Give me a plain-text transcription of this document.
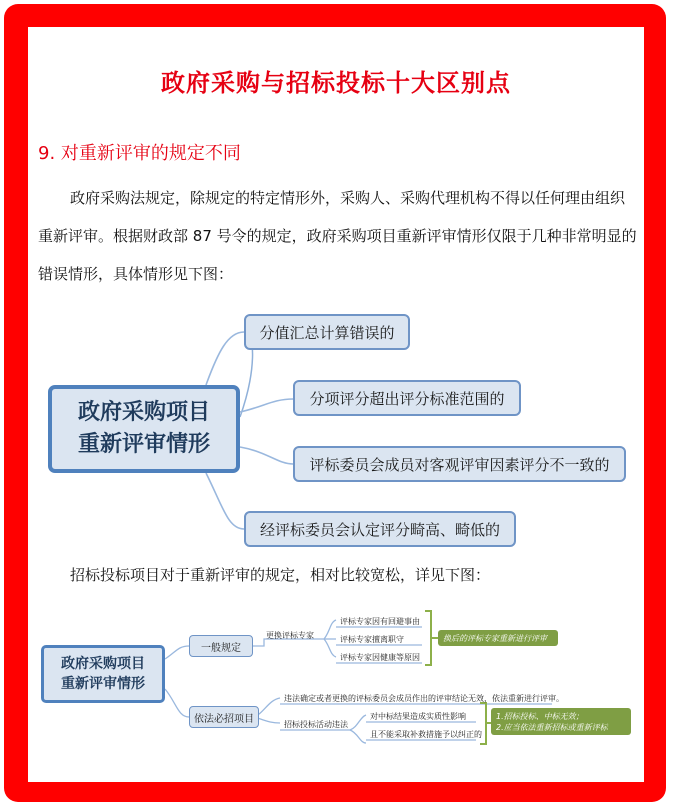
政府采购与招标投标十大区别点
9. 对重新评审的规定不同
政府采购法规定，除规定的特定情形外，采购人、采购代理机构不得以任何理由组织重新评审。根据财政部 87 号令的规定，政府采购项目重新评审情形仅限于几种非常明显的错误情形，具体情形见下图：
政府采购项目
重新评审情形
分值汇总计算错误的
分项评分超出评分标准范围的
评标委员会成员对客观评审因素评分不一致的
经评标委员会认定评分畸高、畸低的
招标投标项目对于重新评审的规定，相对比较宽松，详见下图：
政府采购项目
重新评审情形
一般规定
依法必招项目
更换评标专家
评标专家因有回避事由
评标专家擅离职守
评标专家因健康等原因
换后的评标专家重新进行评审
违法确定或者更换的评标委员会成员作出的评审结论无效，依法重新进行评审。
招标投标活动违法
对中标结果造成实质性影响
且不能采取补救措施予以纠正的
1.招标投标、中标无效；
2.应当依法重新招标或重新评标
